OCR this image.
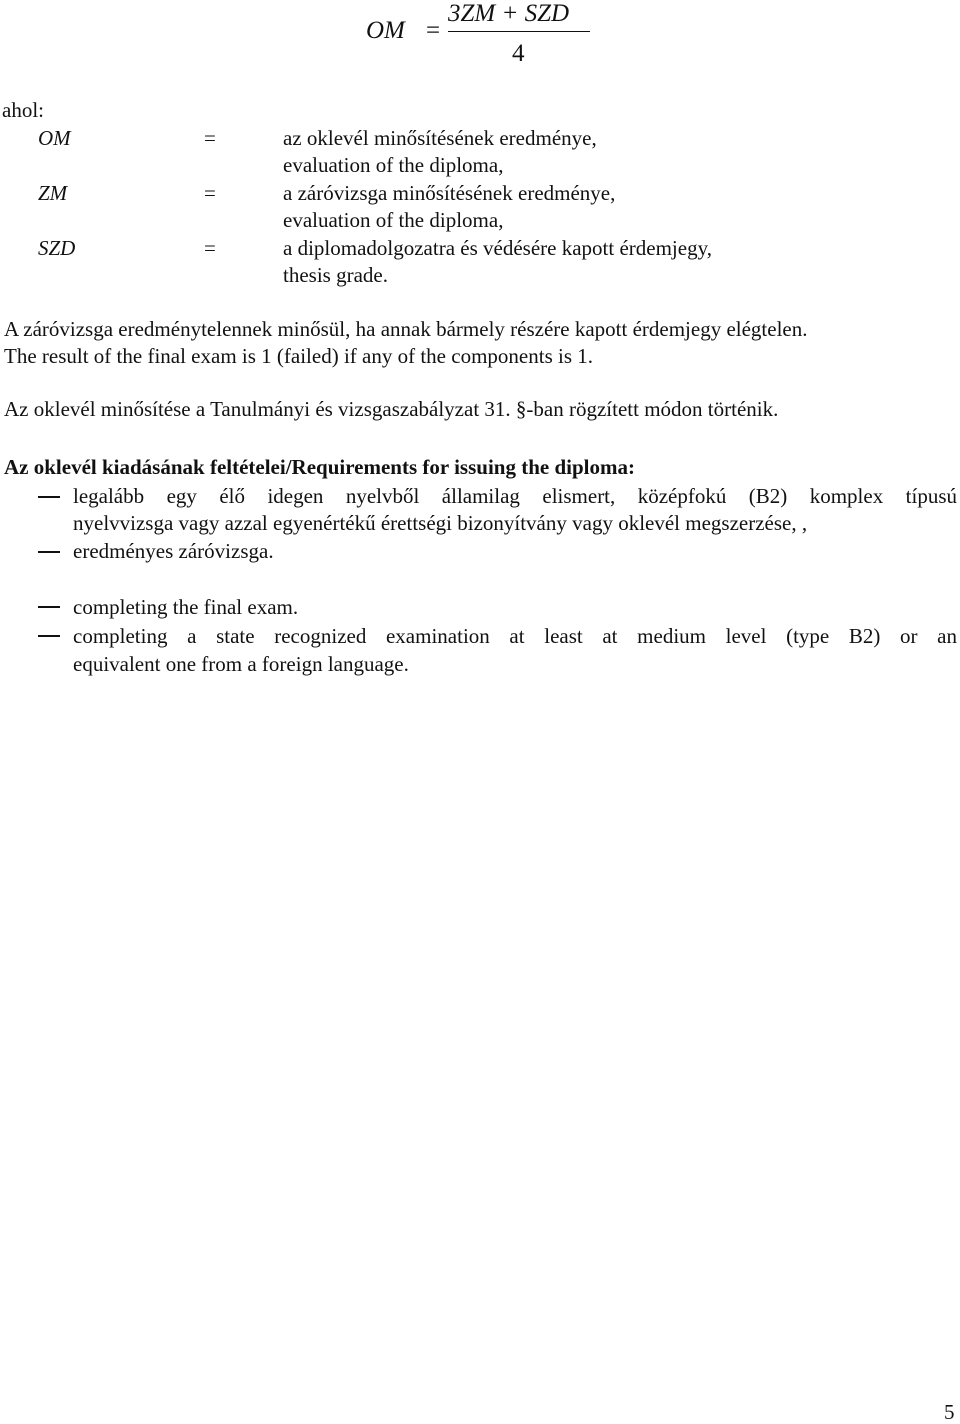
OM =
3ZM + SZD
4
ahol:
OM	=	az oklevél minősítésének eredménye,
evaluation of the diploma,
ZM	=	a záróvizsga minősítésének eredménye,
evaluation of the diploma,
SZD	=	a diplomadolgozatra és védésére kapott érdemjegy,
thesis grade.
A záróvizsga eredménytelennek minősül, ha annak bármely részére kapott érdemjegy elégtelen.
The result of the final exam is 1 (failed) if any of the components is 1.
Az oklevél minősítése a Tanulmányi és vizsgaszabályzat 31. §-ban rögzített módon történik.
Az oklevél kiadásának feltételei/Requirements for issuing the diploma:
legalább egy élő idegen nyelvből államilag elismert, középfokú (B2) komplex típusú
nyelvvizsga vagy azzal egyenértékű érettségi bizonyítvány vagy oklevél megszerzése, ,
eredményes záróvizsga.
completing the final exam.
completing a state recognized examination at least at medium level (type B2) or an
equivalent one from a foreign language.
5
